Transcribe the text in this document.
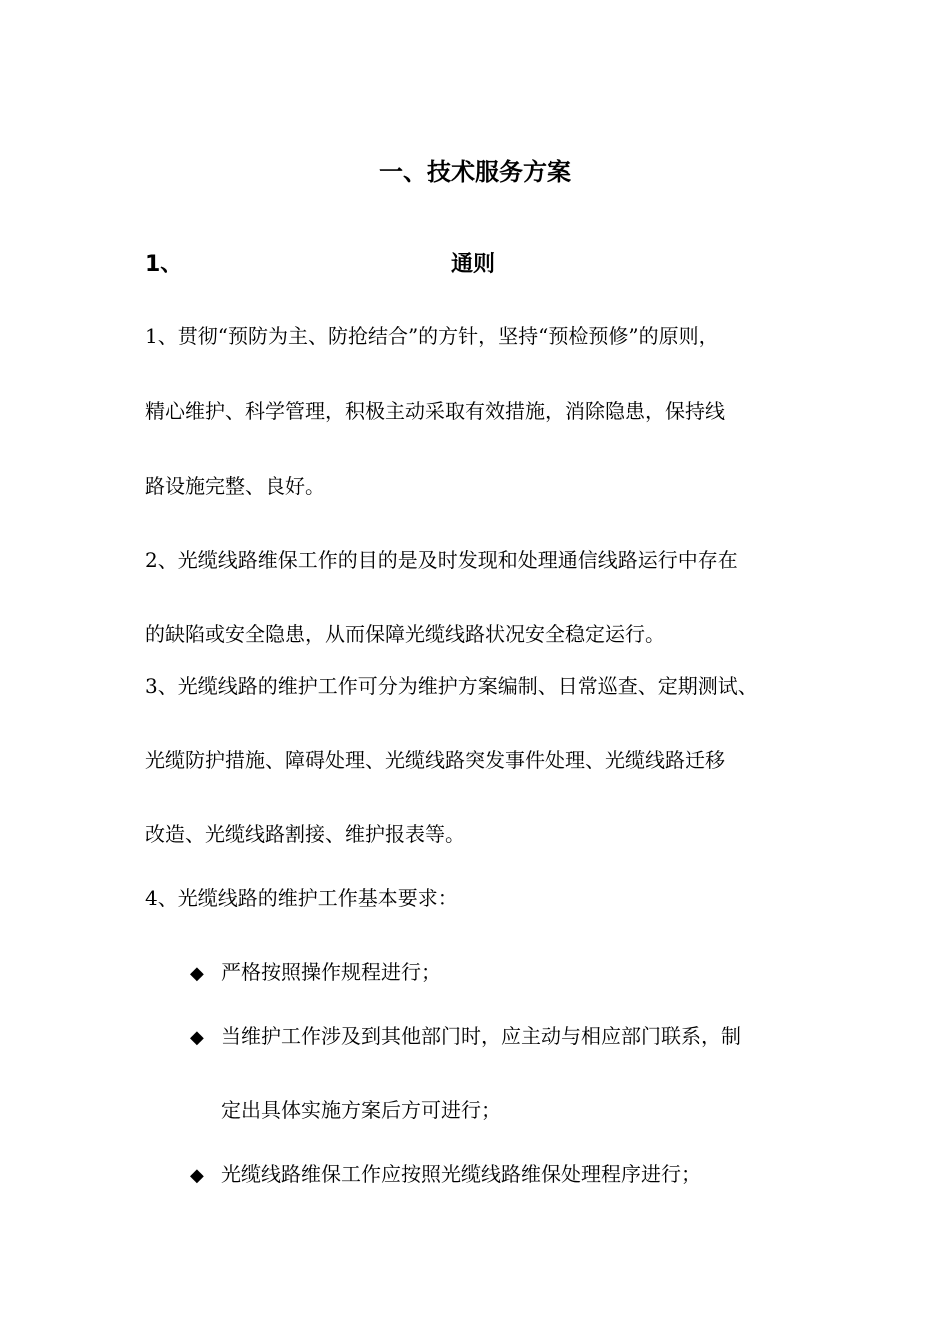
一、技术服务方案
1、	通则
1、贯彻“预防为主、防抢结合”的方针，坚持“预检预修”的原则，
精心维护、科学管理，积极主动采取有效措施，消除隐患，保持线
路设施完整、良好。
2、光缆线路维保工作的目的是及时发现和处理通信线路运行中存在
的缺陷或安全隐患，从而保障光缆线路状况安全稳定运行。
3、光缆线路的维护工作可分为维护方案编制、日常巡查、定期测试、
光缆防护措施、障碍处理、光缆线路突发事件处理、光缆线路迁移
改造、光缆线路割接、维护报表等。
4、光缆线路的维护工作基本要求：
◆ 严格按照操作规程进行；
◆ 当维护工作涉及到其他部门时，应主动与相应部门联系，制
定出具体实施方案后方可进行；
◆ 光缆线路维保工作应按照光缆线路维保处理程序进行；
